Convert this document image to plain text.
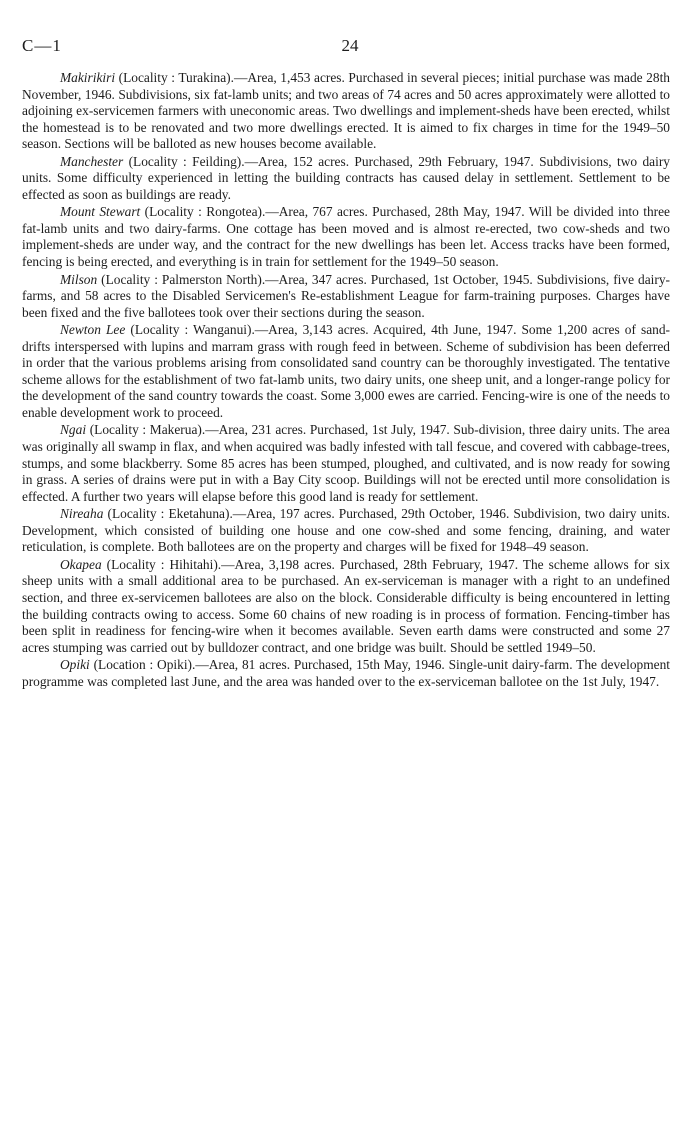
C—1	24

Makirikiri (Locality : Turakina).—Area, 1,453 acres. Purchased in several pieces; initial purchase was made 28th November, 1946. Subdivisions, six fat-lamb units; and two areas of 74 acres and 50 acres approximately were allotted to adjoining ex-servicemen farmers with uneconomic areas. Two dwellings and implement-sheds have been erected, whilst the homestead is to be renovated and two more dwellings erected. It is aimed to fix charges in time for the 1949–50 season. Sections will be balloted as new houses become available.

Manchester (Locality : Feilding).—Area, 152 acres. Purchased, 29th February, 1947. Subdivisions, two dairy units. Some difficulty experienced in letting the building contracts has caused delay in settlement. Settlement to be effected as soon as buildings are ready.

Mount Stewart (Locality : Rongotea).—Area, 767 acres. Purchased, 28th May, 1947. Will be divided into three fat-lamb units and two dairy-farms. One cottage has been moved and is almost re-erected, two cow-sheds and two implement-sheds are under way, and the contract for the new dwellings has been let. Access tracks have been formed, fencing is being erected, and everything is in train for settlement for the 1949–50 season.

Milson (Locality : Palmerston North).—Area, 347 acres. Purchased, 1st October, 1945. Subdivisions, five dairy-farms, and 58 acres to the Disabled Servicemen's Re-establishment League for farm-training purposes. Charges have been fixed and the five ballotees took over their sections during the season.

Newton Lee (Locality : Wanganui).—Area, 3,143 acres. Acquired, 4th June, 1947. Some 1,200 acres of sand-drifts interspersed with lupins and marram grass with rough feed in between. Scheme of subdivision has been deferred in order that the various problems arising from consolidated sand country can be thoroughly investigated. The tentative scheme allows for the establishment of two fat-lamb units, two dairy units, one sheep unit, and a longer-range policy for the development of the sand country towards the coast. Some 3,000 ewes are carried. Fencing-wire is one of the needs to enable development work to proceed.

Ngai (Locality : Makerua).—Area, 231 acres. Purchased, 1st July, 1947. Sub-division, three dairy units. The area was originally all swamp in flax, and when acquired was badly infested with tall fescue, and covered with cabbage-trees, stumps, and some blackberry. Some 85 acres has been stumped, ploughed, and cultivated, and is now ready for sowing in grass. A series of drains were put in with a Bay City scoop. Buildings will not be erected until more consolidation is effected. A further two years will elapse before this good land is ready for settlement.

Nireaha (Locality : Eketahuna).—Area, 197 acres. Purchased, 29th October, 1946. Subdivision, two dairy units. Development, which consisted of building one house and one cow-shed and some fencing, draining, and water reticulation, is complete. Both ballotees are on the property and charges will be fixed for 1948–49 season.

Okapea (Locality : Hihitahi).—Area, 3,198 acres. Purchased, 28th February, 1947. The scheme allows for six sheep units with a small additional area to be purchased. An ex-serviceman is manager with a right to an undefined section, and three ex-servicemen ballotees are also on the block. Considerable difficulty is being encountered in letting the building contracts owing to access. Some 60 chains of new roading is in process of formation. Fencing-timber has been split in readiness for fencing-wire when it becomes available. Seven earth dams were constructed and some 27 acres stumping was carried out by bulldozer contract, and one bridge was built. Should be settled 1949–50.

Opiki (Location : Opiki).—Area, 81 acres. Purchased, 15th May, 1946. Single-unit dairy-farm. The development programme was completed last June, and the area was handed over to the ex-serviceman ballotee on the 1st July, 1947.
